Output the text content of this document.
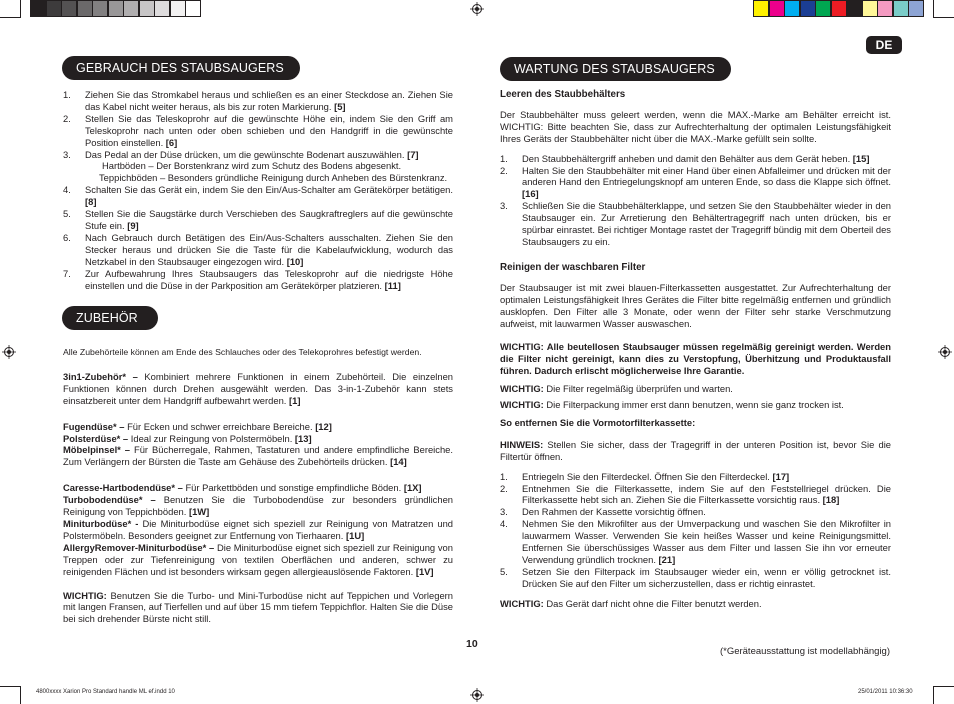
DE
GEBRAUCH DES STAUBSAUGERS
1. Ziehen Sie das Stromkabel heraus und schließen es an einer Steckdose an. Ziehen Sie das Kabel nicht weiter heraus, als bis zur roten Markierung. [5]
2. Stellen Sie das Teleskoprohr auf die gewünschte Höhe ein, indem Sie den Griff am Teleskoprohr nach unten oder oben schieben und den Handgriff in die gewünschte Position einstellen. [6]
3. Das Pedal an der Düse drücken, um die gewünschte Bodenart auszuwählen. [7]

Hartböden – Der Borstenkranz wird zum Schutz des Bodens abgesenkt.

Teppichböden – Besonders gründliche Reinigung durch Anheben des Bürstenkranz.

4. Schalten Sie das Gerät ein, indem Sie den Ein/Aus-Schalter am Gerätekörper betätigen. [8]
5. Stellen Sie die Saugstärke durch Verschieben des Saugkraftreglers auf die gewünschte Stufe ein. [9]
6. Nach Gebrauch durch Betätigen des Ein/Aus-Schalters ausschalten. Ziehen Sie den Stecker heraus und drücken Sie die Taste für die Kabelaufwicklung, wodurch das Netzkabel in den Staubsauger eingezogen wird. [10]
7. Zur Aufbewahrung Ihres Staubsaugers das Teleskoprohr auf die niedrigste Höhe einstellen und die Düse in der Parkposition am Gerätekörper platzieren. [11]
ZUBEHÖR

Alle Zubehörteile können am Ende des Schlauches oder des Telekoprohres befestigt werden.

3in1-Zubehör* – Kombiniert mehrere Funktionen in einem Zubehörteil. Die einzelnen Funktionen können durch Drehen ausgewählt werden. Das 3-in-1-Zubehör kann stets einsatzbereit unter dem Handgriff aufbewahrt werden. [1]

Fugendüse* – Für Ecken und schwer erreichbare Bereiche. [12]

Polsterdüse* – Ideal zur Reingung von Polstermöbeln. [13]

Möbelpinsel* – Für Bücherregale, Rahmen, Tastaturen und andere empfindliche Bereiche. Zum Verlängern der Bürsten die Taste am Gehäuse des Zubehörteils drücken. [14]

Caresse-Hartbodendüse* – Für Parkettböden und sonstige empfindliche Böden. [1X]

Turbobodendüse* – Benutzen Sie die Turbobodendüse zur besonders gründlichen Reinigung von Teppichböden. [1W]

Miniturbodüse* - Die Miniturbodüse eignet sich speziell zur Reinigung von Matratzen und Polstermöbeln. Besonders geeignet zur Entfernung von Tierhaaren. [1U]

AllergyRemover-Miniturbodüse* – Die Miniturbodüse eignet sich speziell zur Reinigung von Treppen oder zur Tiefenreinigung von textilen Oberflächen und anderen, schwer zu reinigenden Flächen und ist besonders wirksam gegen allergieauslösende Faktoren. [1V]

WICHTIG: Benutzen Sie die Turbo- und Mini-Turbodüse nicht auf Teppichen und Vorlegern mit langen Fransen, auf Tierfellen und auf über 15 mm tiefem Teppichflor. Halten Sie die Düse bei sich drehender Bürste nicht still.

WARTUNG DES STAUBSAUGERS

Leeren des Staubbehälters

Der Staubbehälter muss geleert werden, wenn die MAX.-Marke am Behälter erreicht ist. WICHTIG: Bitte beachten Sie, dass zur Aufrechterhaltung der optimalen Leistungsfähigkeit Ihres Geräts der Staubbehälter nicht über die MAX.-Marke gefüllt sein sollte.

1. Den Staubbehältergriff anheben und damit den Behälter aus dem Gerät heben. [15]
2. Halten Sie den Staubbehälter mit einer Hand über einen Abfalleimer und drücken mit der anderen Hand den Entriegelungsknopf am unteren Ende, so dass die Klappe sich öffnet. [16]
3. Schließen Sie die Staubbehälterklappe, und setzen Sie den Staubbehälter wieder in den Staubsauger ein. Zur Arretierung den Behältertragegriff nach unten drücken, bis er spürbar einrastet. Bei richtiger Montage rastet der Tragegriff bündig mit dem Oberteil des Staubsaugers zu ein.

Reinigen der waschbaren Filter

Der Staubsauger ist mit zwei blauen-Filterkassetten ausgestattet. Zur Aufrechterhaltung der optimalen Leistungsfähigkeit Ihres Gerätes die Filter bitte regelmäßig entfernen und gründlich ausklopfen. Den Filter alle 3 Monate, oder wenn der Filter sehr starke Verschmutzung aufweist, mit lauwarmen Wasser auswaschen.

WICHTIG: Alle beutellosen Staubsauger müssen regelmäßig gereinigt werden. Werden die Filter nicht gereinigt, kann dies zu Verstopfung, Überhitzung und Produktausfall führen. Dadurch erlischt möglicherweise Ihre Garantie.

WICHTIG: Die Filter regelmäßig überprüfen und warten.

WICHTIG: Die Filterpackung immer erst dann benutzen, wenn sie ganz trocken ist.

So entfernen Sie die Vormotorfilterkassette:

HINWEIS: Stellen Sie sicher, dass der Tragegriff in der unteren Position ist, bevor Sie die Filtertür öffnen.

1. Entriegeln Sie den Filterdeckel. Öffnen Sie den Filterdeckel. [17]
2. Entnehmen Sie die Filterkassette, indem Sie auf den Feststellriegel drücken. Die Filterkassette hebt sich an. Ziehen Sie die Filterkassette vorsichtig raus. [18]
3. Den Rahmen der Kassette vorsichtig öffnen.
4. Nehmen Sie den Mikrofilter aus der Umverpackung und waschen Sie den Mikrofilter in lauwarmem Wasser. Verwenden Sie kein heißes Wasser und keine Reinigungsmittel. Entfernen Sie überschüssiges Wasser aus dem Filter und lassen Sie ihn vor erneuter Verwendung gründlich trocknen. [21]
5. Setzen Sie den Filterpack im Staubsauger wieder ein, wenn er völlig getrocknet ist. Drücken Sie auf den Filter um sicherzustellen, dass er richtig einrastet.

WICHTIG: Das Gerät darf nicht ohne die Filter benutzt werden.

10
(*Geräteausstattung ist modellabhängig)
4800xxxx Xarion Pro Standard handle ML ef.indd 10	25/01/2011 10:36:30
